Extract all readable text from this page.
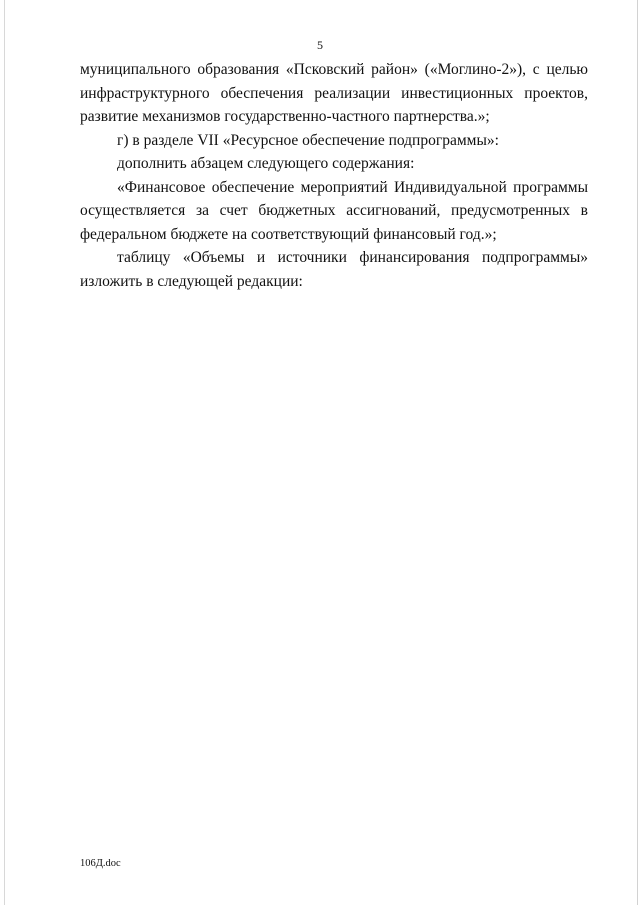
5

муниципального образования «Псковский район» («Моглино-2»), с целью инфраструктурного обеспечения реализации инвестиционных проектов, развитие механизмов государственно-частного партнерства.»;

г) в разделе VII «Ресурсное обеспечение подпрограммы»:

дополнить абзацем следующего содержания:

«Финансовое обеспечение мероприятий Индивидуальной программы осуществляется за счет бюджетных ассигнований, предусмотренных в федеральном бюджете на соответствующий финансовый год.»;

таблицу «Объемы и источники финансирования подпрограммы» изложить в следующей редакции:

106Д.doc
